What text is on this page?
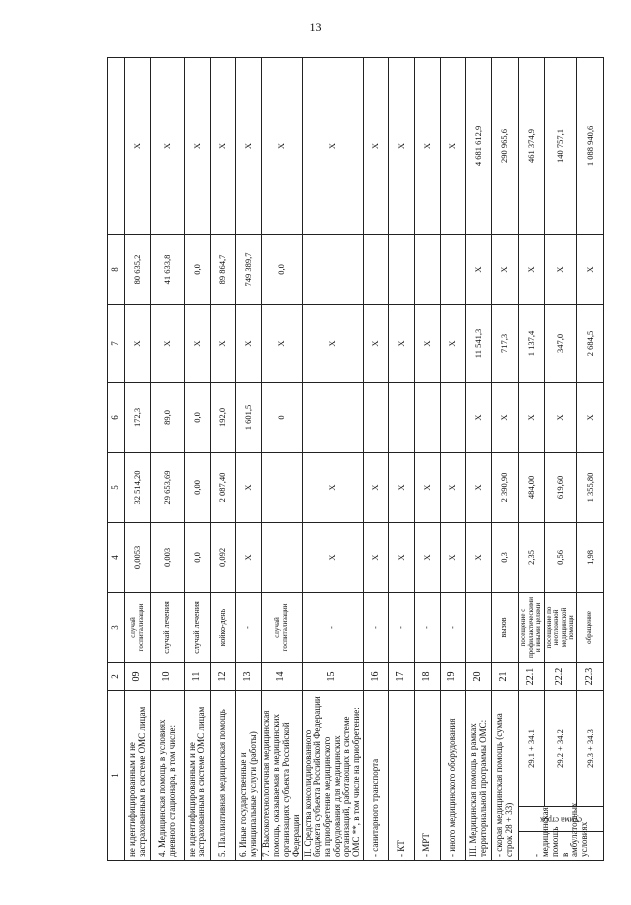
13
1			2	3	4	5	6	7	8		
не идентифицированным и не застрахованным в системе ОМС лицам			09	случай госпитализации	0,0053	32 514,20	172,3	X	80 635,2	X	
4. Медицинская помощь в условиях дневного стационара, в том числе:			10	случай лечения	0,003	29 653,69	89,0	X	41 633,8	X	
не идентифицированным и не застрахованным в системе ОМС лицам			11	случай лечения	0,0	0,00	0,0	X	0,0	X	
5. Паллиативная медицинская помощь			12	койко-день	0,092	2 087,40	192,0	X	89 864,7	X	
6. Иные государственные и муниципальные услуги (работы)			13	-	X	X	1 601,5	X	749 389,7	X	
7. Высокотехнологичная медицинская помощь, оказываемая в медицинских организациях субъекта Российской Федерации			14	случай госпитализации			0	X	0,0	X	
II. Средства консолидированного бюджета субъекта Российской Федерации на приобретение медицинского оборудования для медицинских организаций, работающих в системе ОМС **, в том числе на приобретение:			15	-	X	X		X		X	
- санитарного транспорта			16	-	X	X		X		X	
- КТ			17	-	X	X		X		X	
- МРТ			18	-	X	X		X		X	
- иного медицинского оборудования			19	-	X	X		X		X	
III. Медицинская помощь в рамках территориальной программы ОМС:			20		X	X	X	11 541,3	X	4 681 612,9	
- скорая медицинская помощь (сумма строк 28 + 33)			21	вызов	0,3	2 390,90	X	717,3	X	290 965,6	
- медицинская помощь в амбулаторных условиях	сумма строк	29.1 + 34.1	22.1	посещение с профилактическими и иными целями	2,35	484,00	X	1 137,4	X	461 374,9	
		29.2 + 34.2	22.2	посещение по неотложной медицинской помощи	0,56	619,60	X	347,0	X	140 757,1	
		29.3 + 34.3	22.3	обращение	1,98	1 355,80	X	2 684,5	X	1 088 940,6	
